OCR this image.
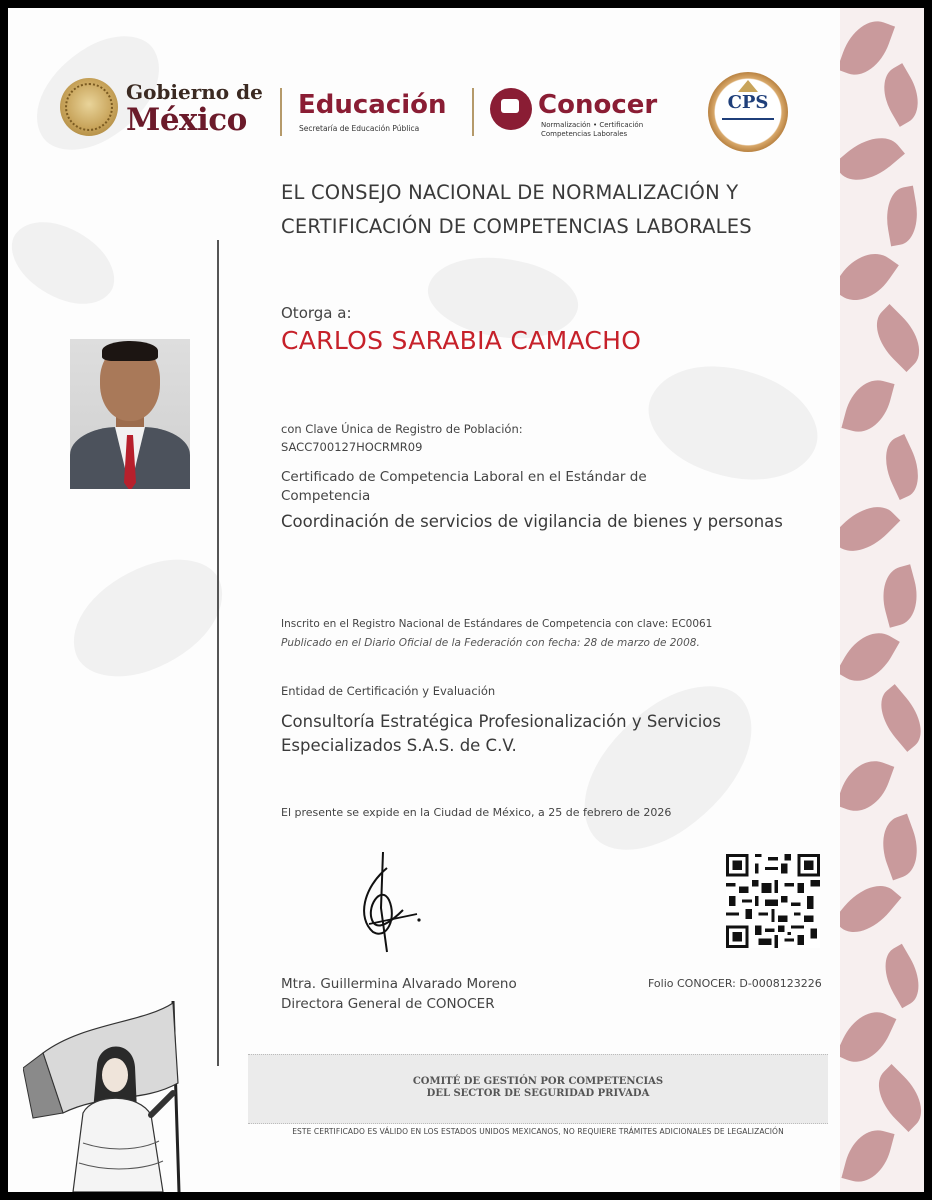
Gobierno de
México Educación
Secretaría de Educación Pública
Conocer
Normalización • Certificación
Competencias Laborales
CPS
EL CONSEJO NACIONAL DE NORMALIZACIÓN Y
CERTIFICACIÓN DE COMPETENCIAS LABORALES
Otorga a:
CARLOS SARABIA CAMACHO
con Clave Única de Registro de Población:
SACC700127HOCRMR09
Certificado de Competencia Laboral en el Estándar de Competencia
Coordinación de servicios de vigilancia de bienes y personas
Inscrito en el Registro Nacional de Estándares de Competencia con clave: EC0061
Publicado en el Diario Oficial de la Federación con fecha: 28 de marzo de 2008.
Entidad de Certificación y Evaluación
Consultoría Estratégica Profesionalización y Servicios Especializados S.A.S. de C.V.
El presente se expide en la Ciudad de México, a 25 de febrero de 2026
Mtra. Guillermina Alvarado Moreno
Directora General de CONOCER
Folio CONOCER: D-0008123226
COMITÉ DE GESTIÓN POR COMPETENCIAS
DEL SECTOR DE SEGURIDAD PRIVADA
ESTE CERTIFICADO ES VÁLIDO EN LOS ESTADOS UNIDOS MEXICANOS, NO REQUIERE TRÁMITES ADICIONALES DE LEGALIZACIÓN
